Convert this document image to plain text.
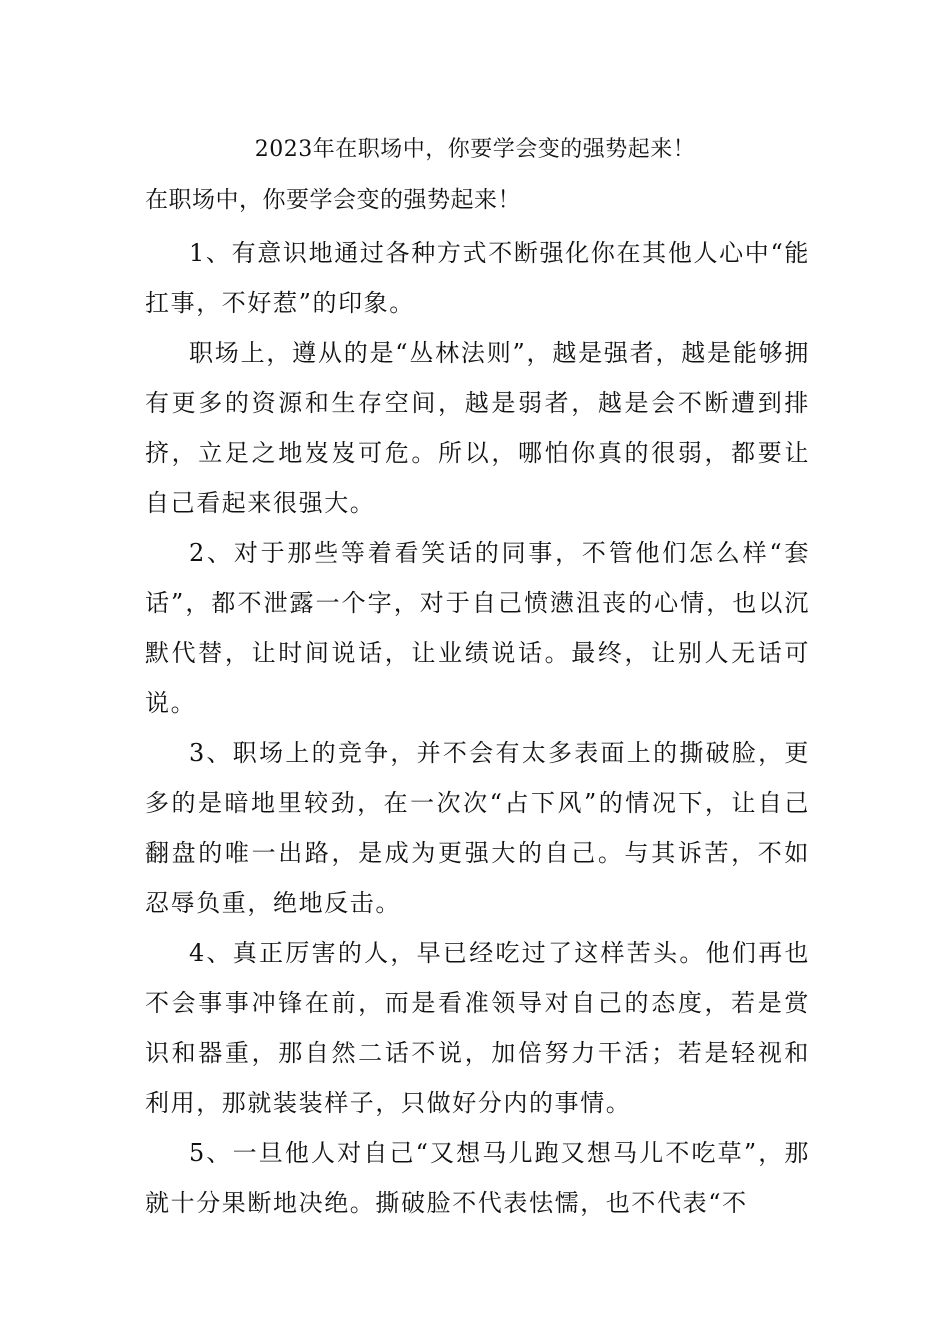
2023年在职场中，你要学会变的强势起来！
在职场中，你要学会变的强势起来！

1、有意识地通过各种方式不断强化你在其他人心中“能扛事，不好惹”的印象。

职场上，遵从的是“丛林法则”，越是强者，越是能够拥有更多的资源和生存空间，越是弱者，越是会不断遭到排挤，立足之地岌岌可危。所以，哪怕你真的很弱，都要让自己看起来很强大。

2、对于那些等着看笑话的同事，不管他们怎么样“套话”，都不泄露一个字，对于自己愤懑沮丧的心情，也以沉默代替，让时间说话，让业绩说话。最终，让别人无话可说。

3、职场上的竞争，并不会有太多表面上的撕破脸，更多的是暗地里较劲，在一次次“占下风”的情况下，让自己翻盘的唯一出路，是成为更强大的自己。与其诉苦，不如忍辱负重，绝地反击。

4、真正厉害的人，早已经吃过了这样苦头。他们再也不会事事冲锋在前，而是看准领导对自己的态度，若是赏识和器重，那自然二话不说，加倍努力干活；若是轻视和利用，那就装装样子，只做好分内的事情。

5、一旦他人对自己“又想马儿跑又想马儿不吃草”，那就十分果断地决绝。撕破脸不代表怯懦，也不代表“不
